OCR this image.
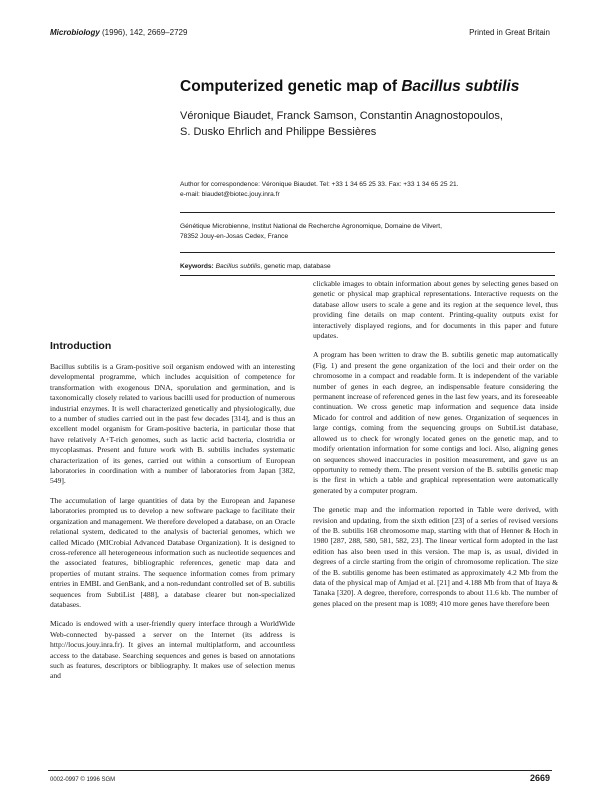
Microbiology (1996), 142, 2669–2729	Printed in Great Britain
Computerized genetic map of Bacillus subtilis
Véronique Biaudet, Franck Samson, Constantin Anagnostopoulos,
S. Dusko Ehrlich and Philippe Bessières
Author for correspondence: Véronique Biaudet. Tel: +33 1 34 65 25 33. Fax: +33 1 34 65 25 21.
e-mail: biaudet@biotec.jouy.inra.fr
Génétique Microbienne, Institut National de Recherche Agronomique, Domaine de Vilvert,
78352 Jouy-en-Josas Cedex, France
Keywords: Bacillus subtilis, genetic map, database
Introduction

Bacillus subtilis is a Gram-positive soil organism endowed with an interesting developmental programme, which includes acquisition of competence for transformation with exogenous DNA, sporulation and germination, and is taxonomically closely related to various bacilli used for production of numerous industrial enzymes. It is well characterized genetically and physiologically, due to a number of studies carried out in the past few decades [314], and is thus an excellent model organism for Gram-positive bacteria, in particular those that have relatively A+T-rich genomes, such as lactic acid bacteria, clostridia or mycoplasmas. Present and future work with B. subtilis includes systematic characterization of its genes, carried out within a consortium of European laboratories in coordination with a number of laboratories from Japan [382, 549].

The accumulation of large quantities of data by the European and Japanese laboratories prompted us to develop a new software package to facilitate their organization and management. We therefore developed a database, on an Oracle relational system, dedicated to the analysis of bacterial genomes, which we called Micado (MICrobial Advanced Database Organization). It is designed to cross-reference all heterogeneous information such as nucleotide sequences and the associated features, bibliographic references, genetic map data and properties of mutant strains. The sequence information comes from primary entries in EMBL and GenBank, and a non-redundant controlled set of B. subtilis sequences from SubtiList [488], a database clearer but non-specialized databases.

Micado is endowed with a user-friendly query interface through a WorldWide Web-connected by-passed a server on the Internet (its address is http://locus.jouy.inra.fr). It gives an internal multiplatform, and accountless access to the database. Searching sequences and genes is based on annotations such as features, descriptors or bibliography. It makes use of selection menus and

clickable images to obtain information about genes by selecting genes based on genetic or physical map graphical representations. Interactive requests on the database allow users to scale a gene and its region at the sequence level, thus providing fine details on map content. Printing-quality outputs exist for interactively displayed regions, and for documents in this paper and future updates.

A program has been written to draw the B. subtilis genetic map automatically (Fig. 1) and present the gene organization of the loci and their order on the chromosome in a compact and readable form. It is independent of the variable number of genes in each degree, an indispensable feature considering the permanent increase of referenced genes in the last few years, and its foreseeable continuation. We cross genetic map information and sequence data inside Micado for control and addition of new genes. Organization of sequences in large contigs, coming from the sequencing groups on SubtiList database, allowed us to check for wrongly located genes on the genetic map, and to modify orientation information for some contigs and loci. Also, aligning genes on sequences showed inaccuracies in position measurement, and gave us an opportunity to remedy them. The present version of the B. subtilis genetic map is the first in which a table and graphical representation were automatically generated by a computer program.

The genetic map and the information reported in Table were derived, with revision and updating, from the sixth edition [23] of a series of revised versions of the B. subtilis 168 chromosome map, starting with that of Henner & Hoch in 1980 [287, 288, 580, 581, 582, 23]. The linear vertical form adopted in the last edition has also been used in this version. The map is, as usual, divided in degrees of a circle starting from the origin of chromosome replication. The size of the B. subtilis genome has been estimated as approximately 4.2 Mb from the data of the physical map of Amjad et al. [21] and 4.188 Mb from that of Itaya & Tanaka [320]. A degree, therefore, corresponds to about 11.6 kb. The number of genes placed on the present map is 1089; 410 more genes have therefore been

0002-0997 © 1996 SGM	2669
